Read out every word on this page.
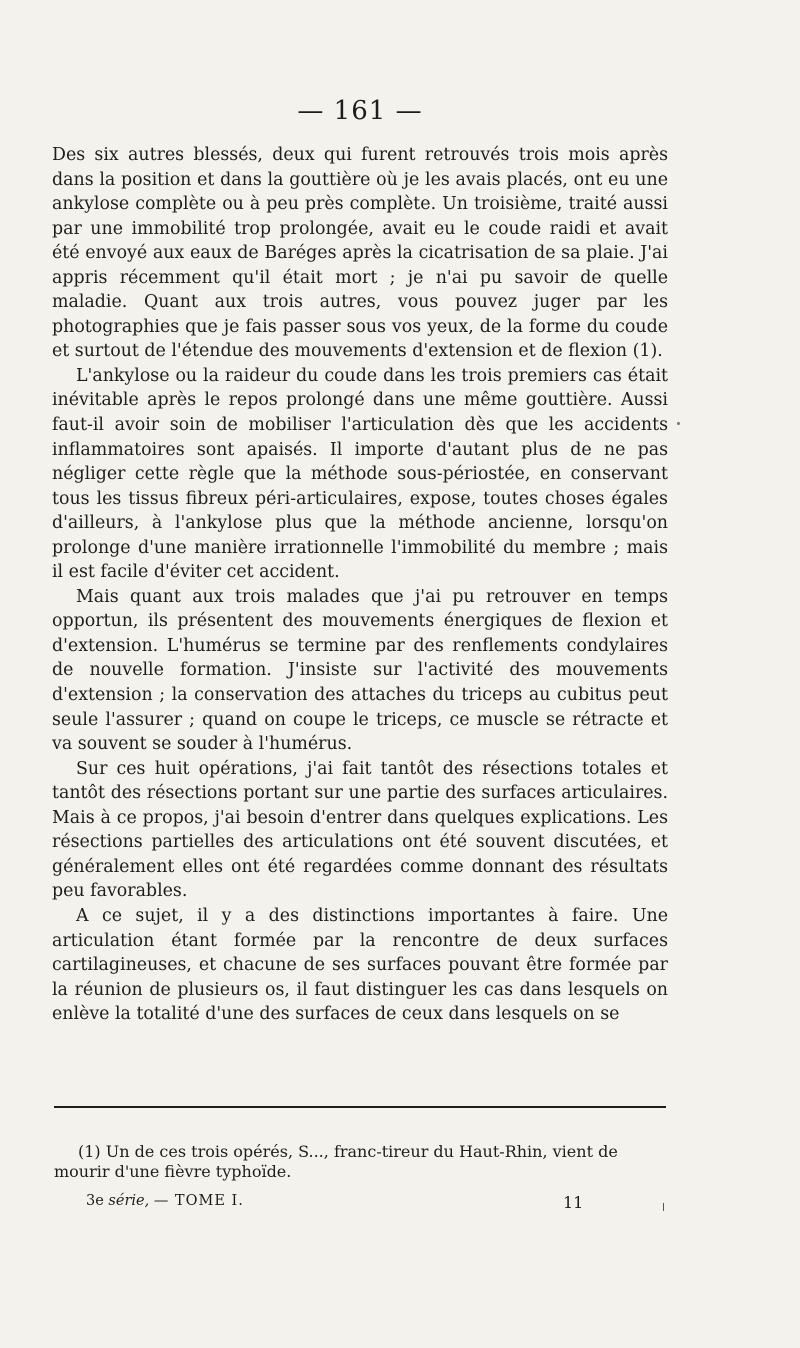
— 161 —

Des six autres blessés, deux qui furent retrouvés trois mois après dans la position et dans la gouttière où je les avais placés, ont eu une ankylose complète ou à peu près complète. Un troisième, traité aussi par une immobilité trop prolongée, avait eu le coude raidi et avait été envoyé aux eaux de Baréges après la cicatrisation de sa plaie. J'ai appris récemment qu'il était mort ; je n'ai pu savoir de quelle maladie. Quant aux trois autres, vous pouvez juger par les photographies que je fais passer sous vos yeux, de la forme du coude et surtout de l'étendue des mouvements d'extension et de flexion (1).

L'ankylose ou la raideur du coude dans les trois premiers cas était inévitable après le repos prolongé dans une même gouttière. Aussi faut-il avoir soin de mobiliser l'articulation dès que les accidents inflammatoires sont apaisés. Il importe d'autant plus de ne pas négliger cette règle que la méthode sous-périostée, en conservant tous les tissus fibreux péri-articulaires, expose, toutes choses égales d'ailleurs, à l'ankylose plus que la méthode ancienne, lorsqu'on prolonge d'une manière irrationnelle l'immobilité du membre ; mais il est facile d'éviter cet accident.

Mais quant aux trois malades que j'ai pu retrouver en temps opportun, ils présentent des mouvements énergiques de flexion et d'extension. L'humérus se termine par des renflements condylaires de nouvelle formation. J'insiste sur l'activité des mouvements d'extension ; la conservation des attaches du triceps au cubitus peut seule l'assurer ; quand on coupe le triceps, ce muscle se rétracte et va souvent se souder à l'humérus.

Sur ces huit opérations, j'ai fait tantôt des résections totales et tantôt des résections portant sur une partie des surfaces articulaires. Mais à ce propos, j'ai besoin d'entrer dans quelques explications. Les résections partielles des articulations ont été souvent discutées, et généralement elles ont été regardées comme donnant des résultats peu favorables.

A ce sujet, il y a des distinctions importantes à faire. Une articulation étant formée par la rencontre de deux surfaces cartilagineuses, et chacune de ses surfaces pouvant être formée par la réunion de plusieurs os, il faut distinguer les cas dans lesquels on enlève la totalité d'une des surfaces de ceux dans lesquels on se

(1) Un de ces trois opérés, S..., franc-tireur du Haut-Rhin, vient de
mourir d'une fièvre typhoïde.
3e série, — TOME I.	11
